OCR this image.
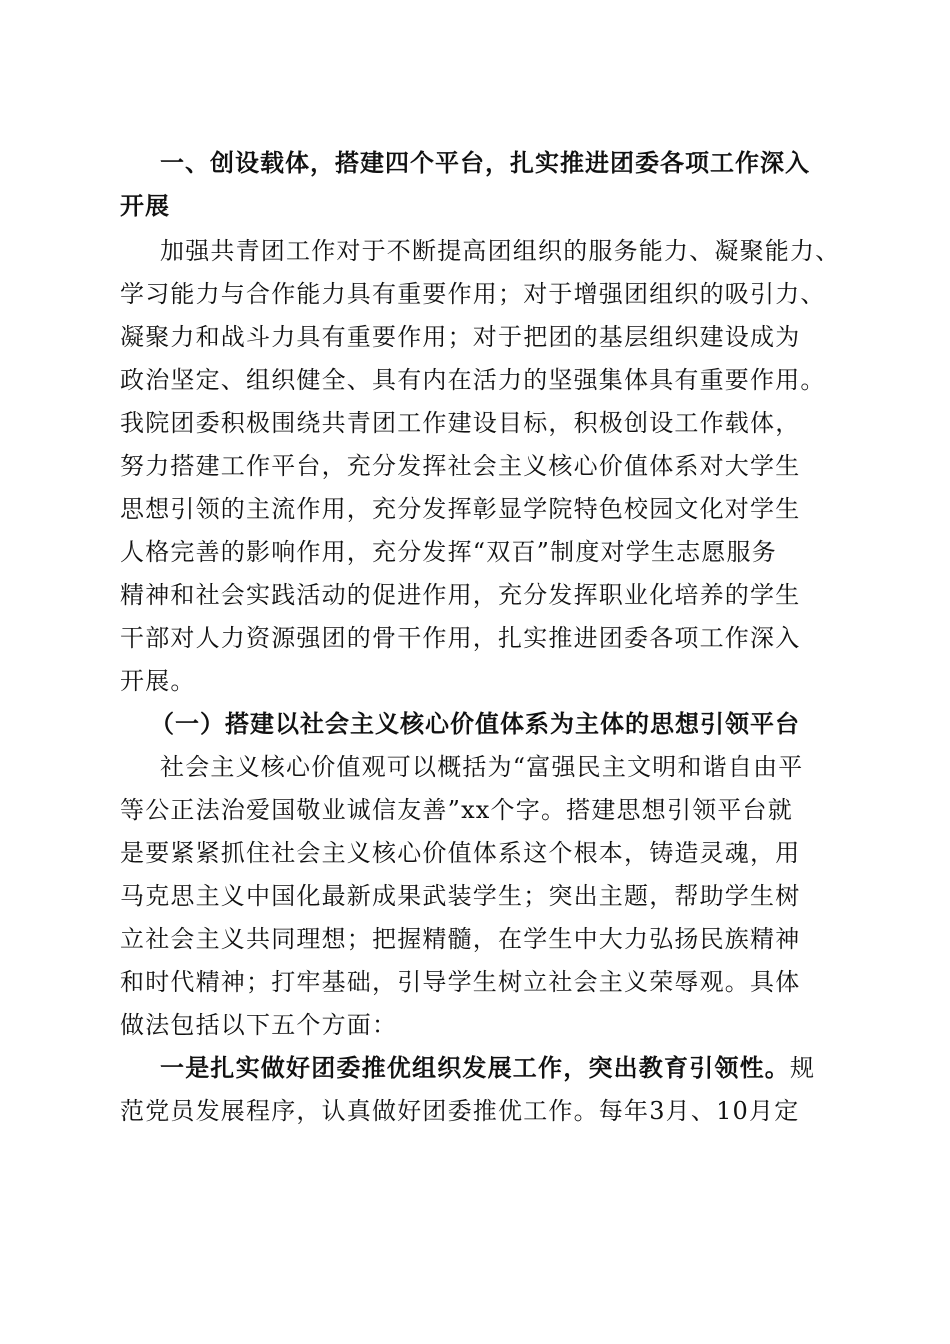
一、创设载体，搭建四个平台，扎实推进团委各项工作深入
开展
加强共青团工作对于不断提高团组织的服务能力、凝聚能力、
学习能力与合作能力具有重要作用；对于增强团组织的吸引力、
凝聚力和战斗力具有重要作用；对于把团的基层组织建设成为
政治坚定、组织健全、具有内在活力的坚强集体具有重要作用。
我院团委积极围绕共青团工作建设目标，积极创设工作载体，
努力搭建工作平台，充分发挥社会主义核心价值体系对大学生
思想引领的主流作用，充分发挥彰显学院特色校园文化对学生
人格完善的影响作用，充分发挥“双百”制度对学生志愿服务
精神和社会实践活动的促进作用，充分发挥职业化培养的学生
干部对人力资源强团的骨干作用，扎实推进团委各项工作深入
开展。
（一）搭建以社会主义核心价值体系为主体的思想引领平台
社会主义核心价值观可以概括为“富强民主文明和谐自由平
等公正法治爱国敬业诚信友善”xx个字。搭建思想引领平台就
是要紧紧抓住社会主义核心价值体系这个根本，铸造灵魂，用
马克思主义中国化最新成果武装学生；突出主题，帮助学生树
立社会主义共同理想；把握精髓，在学生中大力弘扬民族精神
和时代精神；打牢基础，引导学生树立社会主义荣辱观。具体
做法包括以下五个方面：
一是扎实做好团委推优组织发展工作，突出教育引领性。规
范党员发展程序，认真做好团委推优工作。每年3月、10月定
